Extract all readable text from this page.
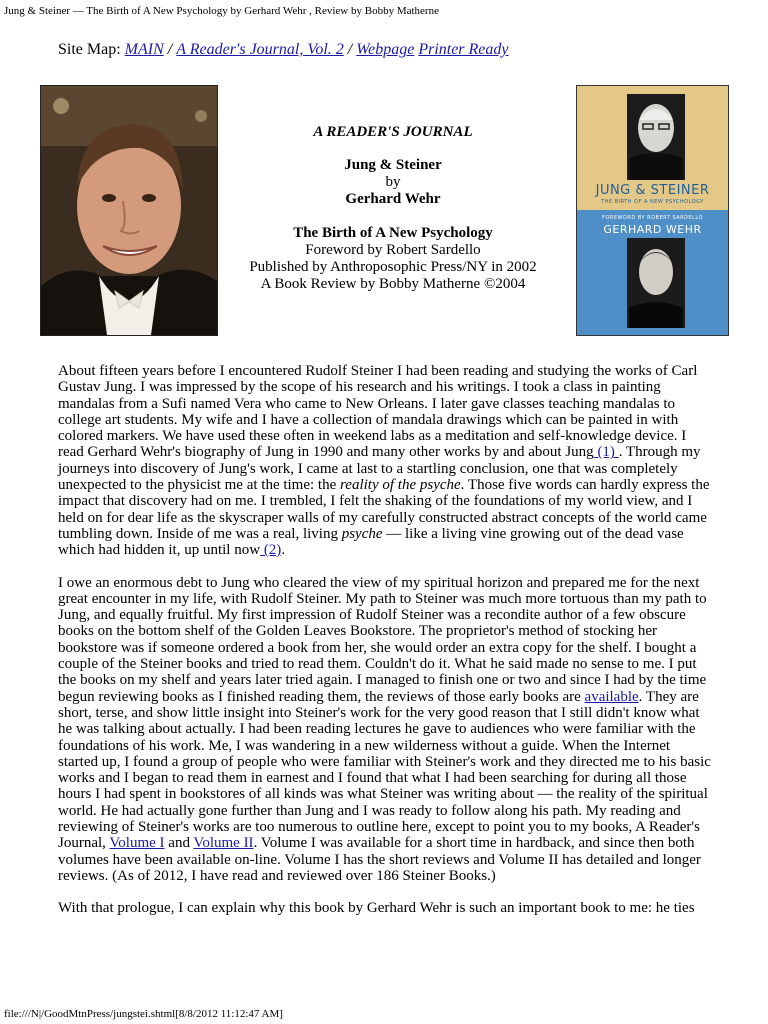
Jung & Steiner — The Birth of A New Psychology by Gerhard Wehr , Review by Bobby Matherne
Site Map: MAIN / A Reader's Journal, Vol. 2 / Webpage Printer Ready
A READER'S JOURNAL
Jung & Steiner
by
Gerhard Wehr
The Birth of A New Psychology
Foreword by Robert Sardello
Published by Anthroposophic Press/NY in 2002
A Book Review by Bobby Matherne ©2004
JUNG & STEINER
THE BIRTH OF A NEW PSYCHOLOGY
FOREWORD BY ROBERT SARDELLO
GERHARD WEHR

About fifteen years before I encountered Rudolf Steiner I had been reading and studying the works of Carl Gustav Jung. I was impressed by the scope of his research and his writings. I took a class in painting mandalas from a Sufi named Vera who came to New Orleans. I later gave classes teaching mandalas to college art students. My wife and I have a collection of mandala drawings which can be painted in with colored markers. We have used these often in weekend labs as a meditation and self-knowledge device. I read Gerhard Wehr's biography of Jung in 1990 and many other works by and about Jung (1) . Through my journeys into discovery of Jung's work, I came at last to a startling conclusion, one that was completely unexpected to the physicist me at the time: the reality of the psyche. Those five words can hardly express the impact that discovery had on me. I trembled, I felt the shaking of the foundations of my world view, and I held on for dear life as the skyscraper walls of my carefully constructed abstract concepts of the world came tumbling down. Inside of me was a real, living psyche — like a living vine growing out of the dead vase which had hidden it, up until now (2).

I owe an enormous debt to Jung who cleared the view of my spiritual horizon and prepared me for the next great encounter in my life, with Rudolf Steiner. My path to Steiner was much more tortuous than my path to Jung, and equally fruitful. My first impression of Rudolf Steiner was a recondite author of a few obscure books on the bottom shelf of the Golden Leaves Bookstore. The proprietor's method of stocking her bookstore was if someone ordered a book from her, she would order an extra copy for the shelf. I bought a couple of the Steiner books and tried to read them. Couldn't do it. What he said made no sense to me. I put the books on my shelf and years later tried again. I managed to finish one or two and since I had by the time begun reviewing books as I finished reading them, the reviews of those early books are available. They are short, terse, and show little insight into Steiner's work for the very good reason that I still didn't know what he was talking about actually. I had been reading lectures he gave to audiences who were familiar with the foundations of his work. Me, I was wandering in a new wilderness without a guide. When the Internet started up, I found a group of people who were familiar with Steiner's work and they directed me to his basic works and I began to read them in earnest and I found that what I had been searching for during all those hours I had spent in bookstores of all kinds was what Steiner was writing about — the reality of the spiritual world. He had actually gone further than Jung and I was ready to follow along his path. My reading and reviewing of Steiner's works are too numerous to outline here, except to point you to my books, A Reader's Journal, Volume I and Volume II. Volume I was available for a short time in hardback, and since then both volumes have been available on-line. Volume I has the short reviews and Volume II has detailed and longer reviews. (As of 2012, I have read and reviewed over 186 Steiner Books.)

With that prologue, I can explain why this book by Gerhard Wehr is such an important book to me: he ties

file:///N|/GoodMtnPress/jungstei.shtml[8/8/2012 11:12:47 AM]
